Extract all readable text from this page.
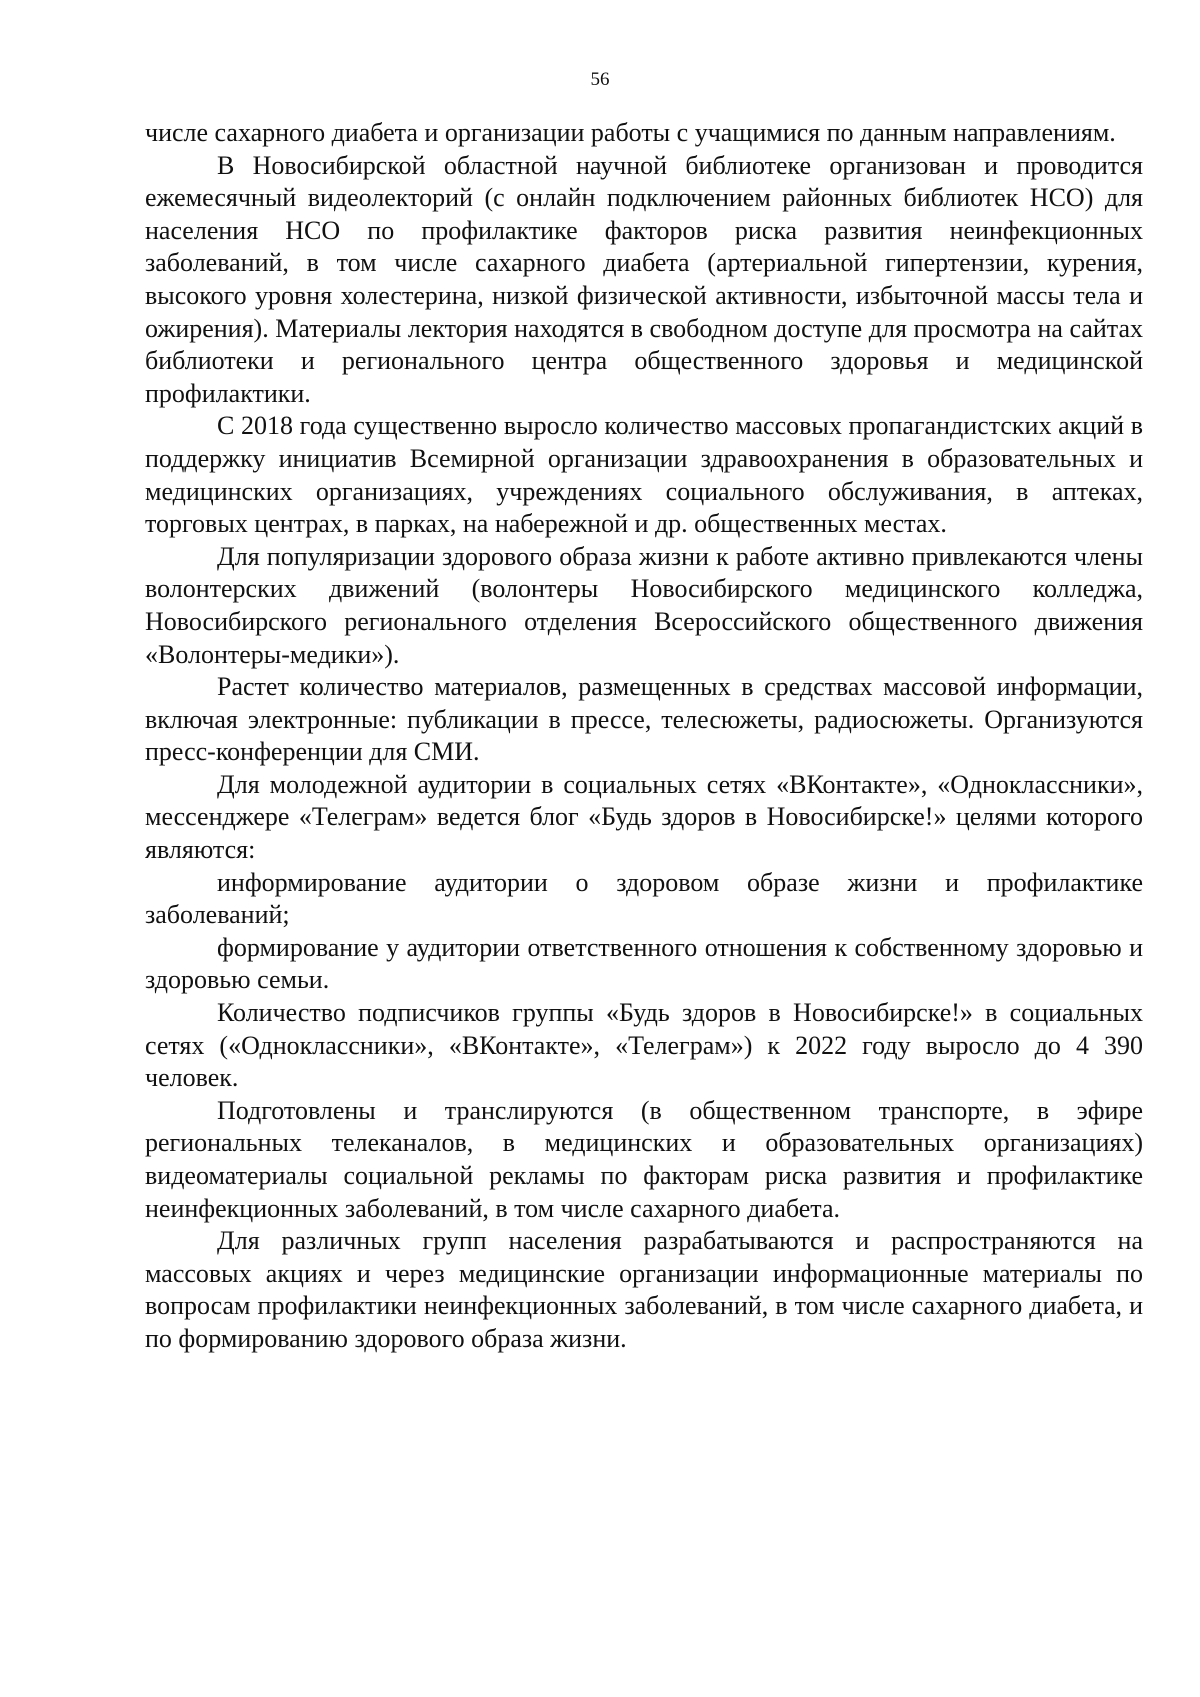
56

числе сахарного диабета и организации работы с учащимися по данным направлениям.

В Новосибирской областной научной библиотеке организован и проводится ежемесячный видеолекторий (с онлайн подключением районных библиотек НСО) для населения НСО по профилактике факторов риска развития неинфекционных заболеваний, в том числе сахарного диабета (артериальной гипертензии, курения, высокого уровня холестерина, низкой физической активности, избыточной массы тела и ожирения). Материалы лектория находятся в свободном доступе для просмотра на сайтах библиотеки и регионального центра общественного здоровья и медицинской профилактики.

С 2018 года существенно выросло количество массовых пропагандистских акций в поддержку инициатив Всемирной организации здравоохранения в образовательных и медицинских организациях, учреждениях социального обслуживания, в аптеках, торговых центрах, в парках, на набережной и др. общественных местах.

Для популяризации здорового образа жизни к работе активно привлекаются члены волонтерских движений (волонтеры Новосибирского медицинского колледжа, Новосибирского регионального отделения Всероссийского общественного движения «Волонтеры-медики»).

Растет количество материалов, размещенных в средствах массовой информации, включая электронные: публикации в прессе, телесюжеты, радиосюжеты. Организуются пресс-конференции для СМИ.

Для молодежной аудитории в социальных сетях «ВКонтакте», «Одноклассники», мессенджере «Телеграм» ведется блог «Будь здоров в Новосибирске!» целями которого являются:

информирование аудитории о здоровом образе жизни и профилактике заболеваний;

формирование у аудитории ответственного отношения к собственному здоровью и здоровью семьи.

Количество подписчиков группы «Будь здоров в Новосибирске!» в социальных сетях («Одноклассники», «ВКонтакте», «Телеграм») к 2022 году выросло до 4 390 человек.

Подготовлены и транслируются (в общественном транспорте, в эфире региональных телеканалов, в медицинских и образовательных организациях) видеоматериалы социальной рекламы по факторам риска развития и профилактике неинфекционных заболеваний, в том числе сахарного диабета.

Для различных групп населения разрабатываются и распространяются на массовых акциях и через медицинские организации информационные материалы по вопросам профилактики неинфекционных заболеваний, в том числе сахарного диабета, и по формированию здорового образа жизни.
